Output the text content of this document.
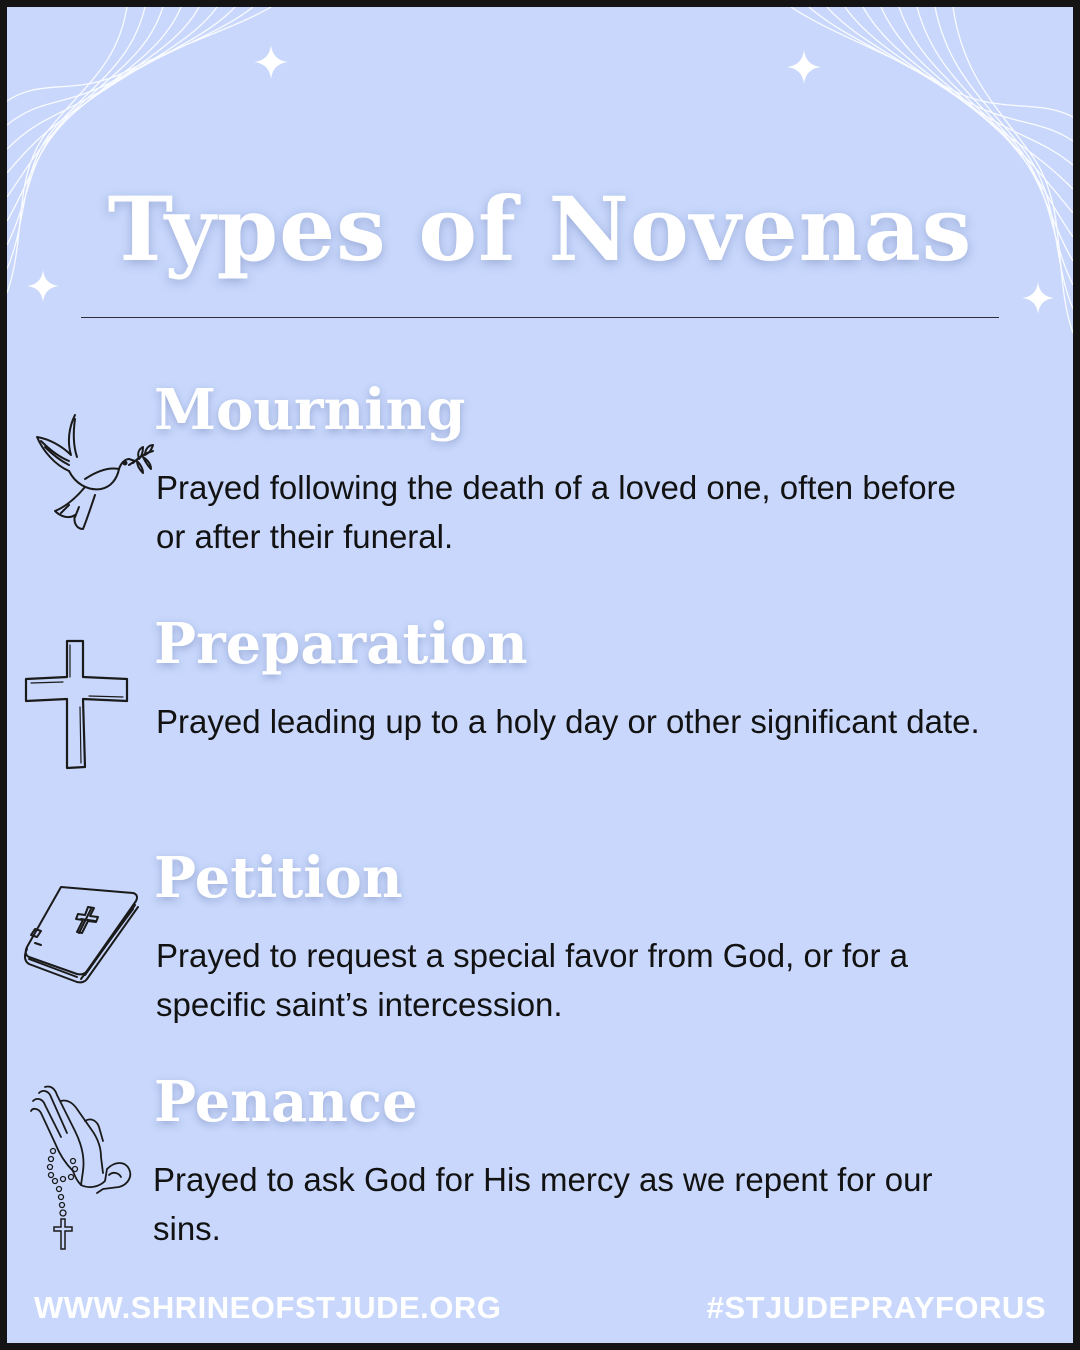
Types of Novenas
Mourning

Prayed following the death of a loved one, often before or after their funeral.

Preparation

Prayed leading up to a holy day or other significant date.

Petition

Prayed to request a special favor from God, or for a specific saint’s intercession.

Penance

Prayed to ask God for His mercy as we repent for our sins.

WWW.SHRINEOFSTJUDE.ORG	#STJUDEPRAYFORUS
